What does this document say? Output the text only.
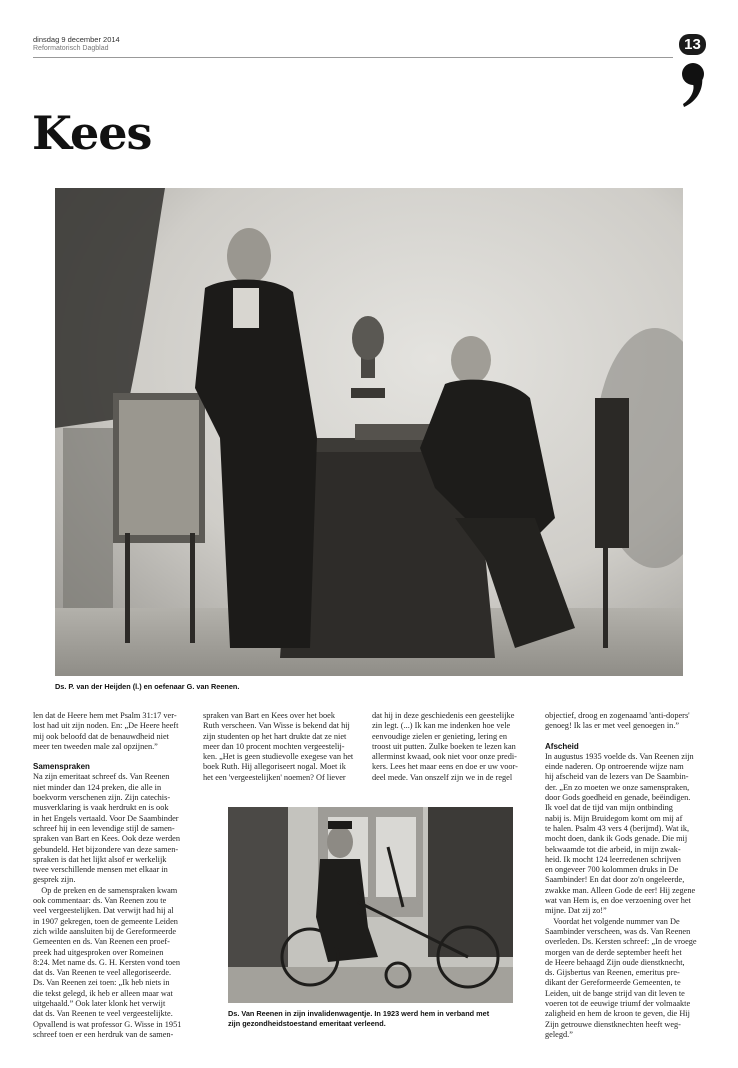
dinsdag 9 december 2014
Reformatorisch Dagblad	13
Kees
Ds. P. van der Heijden (l.) en oefenaar G. van Reenen.
Ds. Van Reenen in zijn invalidenwagentje. In 1923 werd hem in verband met
zijn gezondheidstoestand emeritaat verleend.

len dat de Heere hem met Psalm 31:17 ver-

lost had uit zijn noden. En: „De Heere heeft

mij ook beloofd dat de benauwdheid niet

meer ten tweeden male zal opzijnen.”

Samenspraken

Na zijn emeritaat schreef ds. Van Reenen

niet minder dan 124 preken, die alle in

boekvorm verschenen zijn. Zijn catechis-

musverklaring is vaak herdrukt en is ook

in het Engels vertaald. Voor De Saambinder

schreef hij in een levendige stijl de samen-

spraken van Bart en Kees. Ook deze werden

gebundeld. Het bijzondere van deze samen-

spraken is dat het lijkt alsof er werkelijk

twee verschillende mensen met elkaar in

gesprek zijn.

 Op de preken en de samenspraken kwam

ook commentaar: ds. Van Reenen zou te

veel vergeestelijken. Dat verwijt had hij al

in 1907 gekregen, toen de gemeente Leiden

zich wilde aansluiten bij de Gereformeerde

Gemeenten en ds. Van Reenen een proef-

preek had uitgesproken over Romeinen

8:24. Met name ds. G. H. Kersten vond toen

dat ds. Van Reenen te veel allegoriseerde.

Ds. Van Reenen zei toen: „Ik heb niets in

die tekst gelegd, ik heb er alleen maar wat

uitgehaald.” Ook later klonk het verwijt

dat ds. Van Reenen te veel vergeestelijkte.

Opvallend is wat professor G. Wisse in 1951

schreef toen er een herdruk van de samen-

spraken van Bart en Kees over het boek

Ruth verscheen. Van Wisse is bekend dat hij

zijn studenten op het hart drukte dat ze niet

meer dan 10 procent mochten vergeestelij-

ken. „Het is geen studievolle exegese van het

boek Ruth. Hij allegoriseert nogal. Moet ik

het een 'vergeestelijken' noemen? Of liever

dat hij in deze geschiedenis een geestelijke

zin legt. (...) Ik kan me indenken hoe vele

eenvoudige zielen er genieting, lering en

troost uit putten. Zulke boeken te lezen kan

allerminst kwaad, ook niet voor onze predi-

kers. Lees het maar eens en doe er uw voor-

deel mede. Van onszelf zijn we in de regel

objectief, droog en zogenaamd 'anti-dopers'

genoeg! Ik las er met veel genoegen in.”

Afscheid

In augustus 1935 voelde ds. Van Reenen zijn

einde naderen. Op ontroerende wijze nam

hij afscheid van de lezers van De Saambin-

der. „En zo moeten we onze samenspraken,

door Gods goedheid en genade, beëindigen.

Ik voel dat de tijd van mijn ontbinding

nabij is. Mijn Bruidegom komt om mij af

te halen. Psalm 43 vers 4 (berijmd). Wat ik,

mocht doen, dank ik Gods genade. Die mij

bekwaamde tot die arbeid, in mijn zwak-

heid. Ik mocht 124 leerredenen schrijven

en ongeveer 700 kolommen druks in De

Saambinder! En dat door zo'n ongeleerde,

zwakke man. Alleen Gode de eer! Hij zegene

wat van Hem is, en doe verzoening over het

mijne. Dat zij zo!”

 Voordat het volgende nummer van De

Saambinder verscheen, was ds. Van Reenen

overleden. Ds. Kersten schreef: „In de vroege

morgen van de derde september heeft het

de Heere behaagd Zijn oude dienstknecht,

ds. Gijsbertus van Reenen, emeritus pre-

dikant der Gereformeerde Gemeenten, te

Leiden, uit de bange strijd van dit leven te

voeren tot de eeuwige triumf der volmaakte

zaligheid en hem de kroon te geven, die Hij

Zijn getrouwe dienstknechten heeft weg-

gelegd.”
